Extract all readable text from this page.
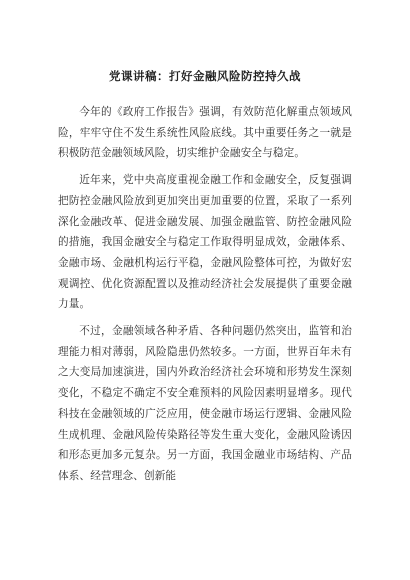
党课讲稿：打好金融风险防控持久战

今年的《政府工作报告》强调，有效防范化解重点领域风险，牢牢守住不发生系统性风险底线。其中重要任务之一就是积极防范金融领域风险，切实维护金融安全与稳定。

近年来，党中央高度重视金融工作和金融安全，反复强调把防控金融风险放到更加突出更加重要的位置，采取了一系列深化金融改革、促进金融发展、加强金融监管、防控金融风险的措施，我国金融安全与稳定工作取得明显成效，金融体系、金融市场、金融机构运行平稳，金融风险整体可控，为做好宏观调控、优化资源配置以及推动经济社会发展提供了重要金融力量。

不过，金融领域各种矛盾、各种问题仍然突出，监管和治理能力相对薄弱，风险隐患仍然较多。一方面，世界百年未有之大变局加速演进，国内外政治经济社会环境和形势发生深刻变化，不稳定不确定不安全难预料的风险因素明显增多。现代科技在金融领域的广泛应用，使金融市场运行逻辑、金融风险生成机理、金融风险传染路径等发生重大变化，金融风险诱因和形态更加多元复杂。另一方面，我国金融业市场结构、产品体系、经营理念、创新能
